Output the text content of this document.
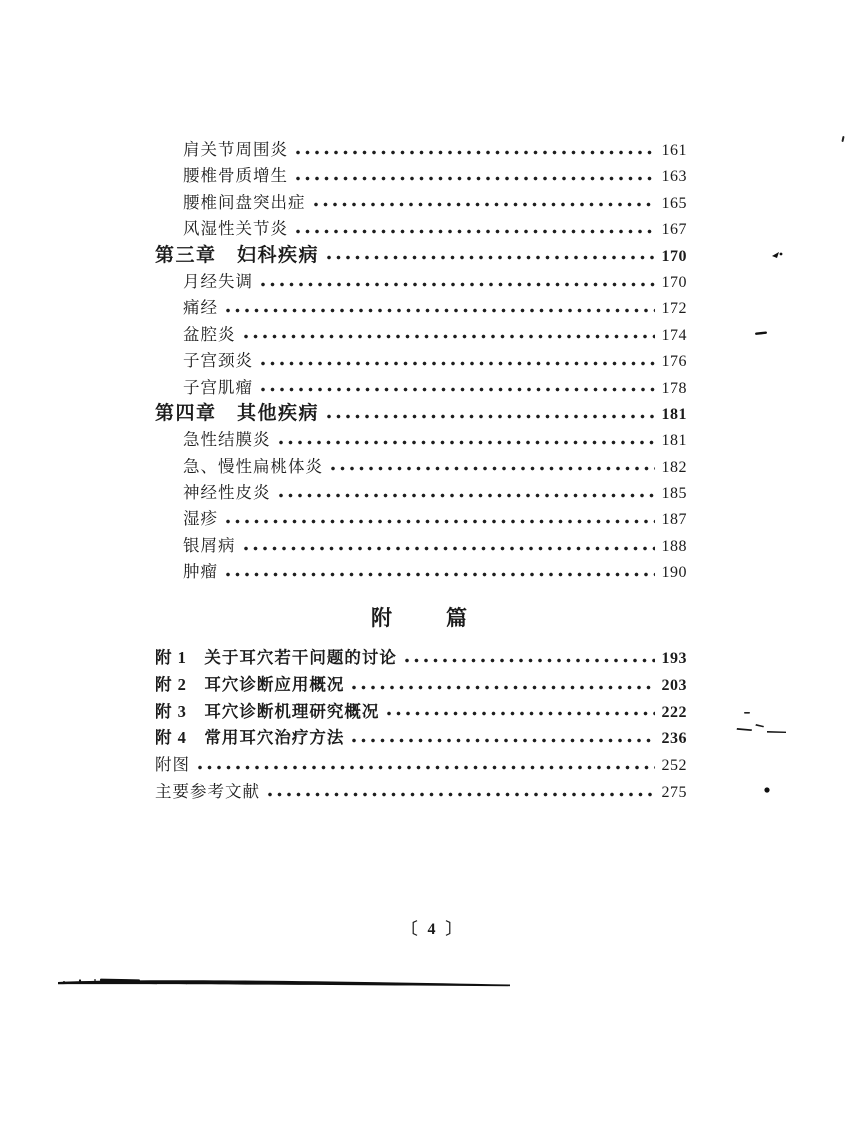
肩关节周围炎	161
腰椎骨质增生	163
腰椎间盘突出症	165
风湿性关节炎	167
第三章　妇科疾病	170
月经失调	170
痛经	172
盆腔炎	174
子宫颈炎	176
子宫肌瘤	178
第四章　其他疾病	181
急性结膜炎	181
急、慢性扁桃体炎	182
神经性皮炎	185
湿疹	187
银屑病	188
肿瘤	190
附　　篇
附 1　关于耳穴若干问题的讨论	193
附 2　耳穴诊断应用概况	203
附 3　耳穴诊断机理研究概况	222
附 4　常用耳穴治疗方法	236
附图	252
主要参考文献	275
〔 4 〕
